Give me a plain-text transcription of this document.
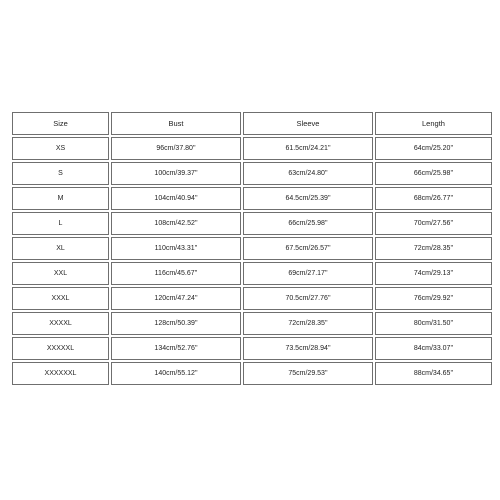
Size	Bust	Sleeve	Length
XS	96cm/37.80''	61.5cm/24.21''	64cm/25.20''
S	100cm/39.37''	63cm/24.80''	66cm/25.98''
M	104cm/40.94''	64.5cm/25.39''	68cm/26.77''
L	108cm/42.52''	66cm/25.98''	70cm/27.56''
XL	110cm/43.31''	67.5cm/26.57''	72cm/28.35''
XXL	116cm/45.67''	69cm/27.17''	74cm/29.13''
XXXL	120cm/47.24''	70.5cm/27.76''	76cm/29.92''
XXXXL	128cm/50.39''	72cm/28.35''	80cm/31.50''
XXXXXL	134cm/52.76''	73.5cm/28.94''	84cm/33.07''
XXXXXXL	140cm/55.12''	75cm/29.53''	88cm/34.65''
